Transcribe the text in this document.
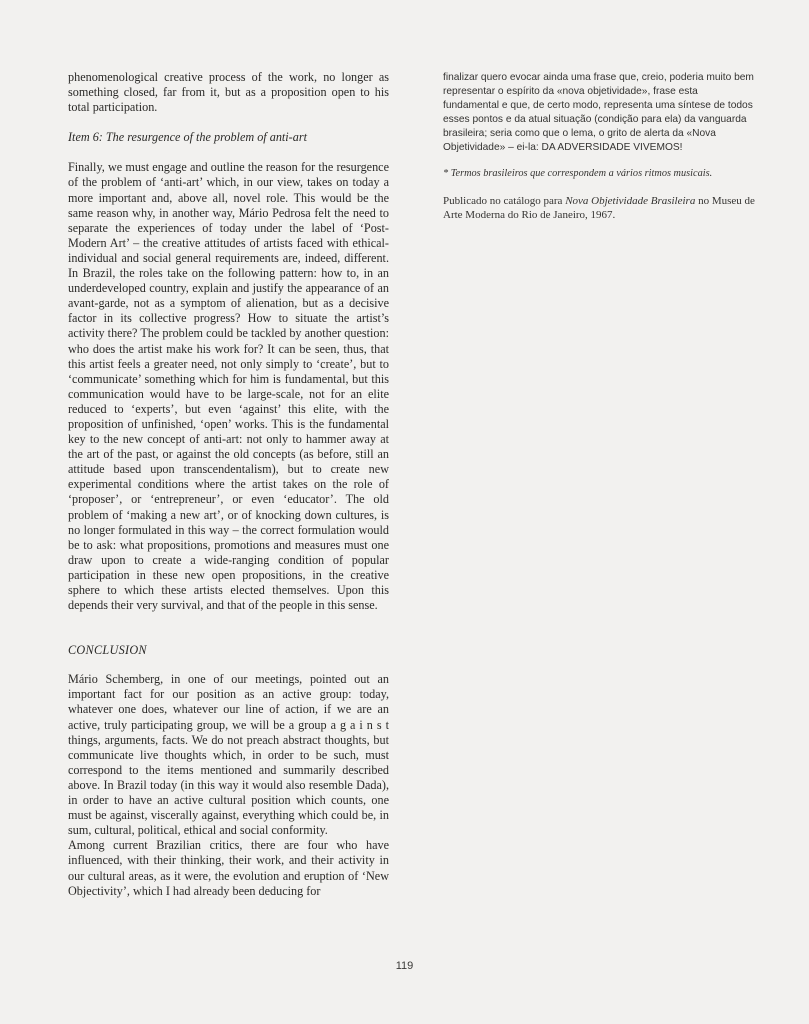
phenomenological creative process of the work, no longer as something closed, far from it, but as a proposition open to his total participation.

Item 6: The resurgence of the problem of anti-art

Finally, we must engage and outline the reason for the resurgence of the problem of ‘anti-art’ which, in our view, takes on today a more important and, above all, novel role. This would be the same reason why, in another way, Mário Pedrosa felt the need to separate the experiences of today under the label of ‘Post-Modern Art’ – the creative attitudes of artists faced with ethical-individual and social general requirements are, indeed, different. In Brazil, the roles take on the following pattern: how to, in an underdeveloped country, explain and justify the appearance of an avant-garde, not as a symptom of alienation, but as a decisive factor in its collective progress? How to situate the artist’s activity there? The problem could be tackled by another question: who does the artist make his work for? It can be seen, thus, that this artist feels a greater need, not only simply to ‘create’, but to ‘communicate’ something which for him is fundamental, but this communication would have to be large-scale, not for an elite reduced to ‘experts’, but even ‘against’ this elite, with the proposition of unfinished, ‘open’ works. This is the fundamental key to the new concept of anti-art: not only to hammer away at the art of the past, or against the old concepts (as before, still an attitude based upon transcendentalism), but to create new experimental conditions where the artist takes on the role of ‘proposer’, or ‘entrepreneur’, or even ‘educator’. The old problem of ‘making a new art’, or of knocking down cultures, is no longer formulated in this way – the correct formulation would be to ask: what propositions, promotions and measures must one draw upon to create a wide-ranging condition of popular participation in these new open propositions, in the creative sphere to which these artists elected themselves. Upon this depends their very survival, and that of the people in this sense.

CONCLUSION

Mário Schemberg, in one of our meetings, pointed out an important fact for our position as an active group: today, whatever one does, whatever our line of action, if we are an active, truly participating group, we will be a group a g a i n s t things, arguments, facts. We do not preach abstract thoughts, but communicate live thoughts which, in order to be such, must correspond to the items mentioned and summarily described above. In Brazil today (in this way it would also resemble Dada), in order to have an active cultural position which counts, one must be against, viscerally against, everything which could be, in sum, cultural, political, ethical and social conformity.

Among current Brazilian critics, there are four who have influenced, with their thinking, their work, and their activity in our cultural areas, as it were, the evolution and eruption of ‘New Objectivity’, which I had already been deducing for

finalizar quero evocar ainda uma frase que, creio, poderia muito bem representar o espírito da «nova objetividade», frase esta fundamental e que, de certo modo, representa uma síntese de todos esses pontos e da atual situação (condição para ela) da vanguarda brasileira; seria como que o lema, o grito de alerta da «Nova Objetividade» – ei-la: DA ADVERSIDADE VIVEMOS!

* Termos brasileiros que correspondem a vários ritmos musicais.

Publicado no catálogo para Nova Objetividade Brasileira no Museu de Arte Moderna do Rio de Janeiro, 1967.

119
